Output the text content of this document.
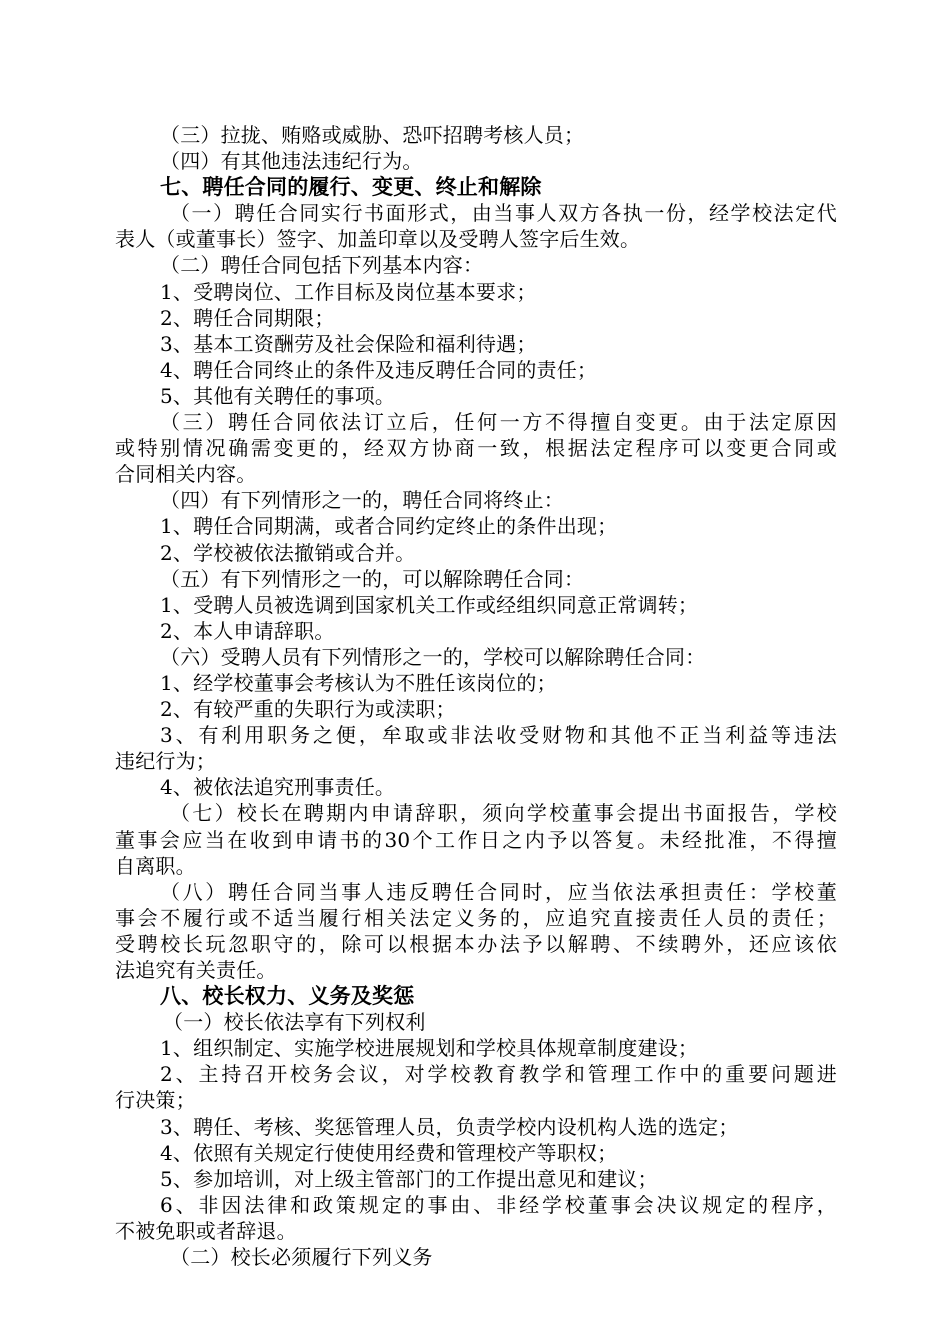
（三）拉拢、贿赂或威胁、恐吓招聘考核人员；
（四）有其他违法违纪行为。
七、聘任合同的履行、变更、终止和解除
（一）聘任合同实行书面形式，由当事人双方各执一份，经学校法定代
表人（或董事长）签字、加盖印章以及受聘人签字后生效。
（二）聘任合同包括下列基本内容：
1、受聘岗位、工作目标及岗位基本要求；
2、聘任合同期限；
3、基本工资酬劳及社会保险和福利待遇；
4、聘任合同终止的条件及违反聘任合同的责任；
5、其他有关聘任的事项。
（三）聘任合同依法订立后，任何一方不得擅自变更。由于法定原因
或特别情况确需变更的，经双方协商一致，根据法定程序可以变更合同或
合同相关内容。
（四）有下列情形之一的，聘任合同将终止：
1、聘任合同期满，或者合同约定终止的条件出现；
2、学校被依法撤销或合并。
（五）有下列情形之一的，可以解除聘任合同：
1、受聘人员被选调到国家机关工作或经组织同意正常调转；
2、本人申请辞职。
（六）受聘人员有下列情形之一的，学校可以解除聘任合同：
1、经学校董事会考核认为不胜任该岗位的；
2、有较严重的失职行为或渎职；
3、有利用职务之便，牟取或非法收受财物和其他不正当利益等违法
违纪行为；
4、被依法追究刑事责任。
（七）校长在聘期内申请辞职，须向学校董事会提出书面报告，学校
董事会应当在收到申请书的30个工作日之内予以答复。未经批准，不得擅
自离职。
（八）聘任合同当事人违反聘任合同时，应当依法承担责任：学校董
事会不履行或不适当履行相关法定义务的，应追究直接责任人员的责任；
受聘校长玩忽职守的，除可以根据本办法予以解聘、不续聘外，还应该依
法追究有关责任。
八、校长权力、义务及奖惩
（一）校长依法享有下列权利
1、组织制定、实施学校进展规划和学校具体规章制度建设；
2、主持召开校务会议，对学校教育教学和管理工作中的重要问题进
行决策；
3、聘任、考核、奖惩管理人员，负责学校内设机构人选的选定；
4、依照有关规定行使使用经费和管理校产等职权；
5、参加培训，对上级主管部门的工作提出意见和建议；
6、非因法律和政策规定的事由、非经学校董事会决议规定的程序，
不被免职或者辞退。
（二）校长必须履行下列义务
